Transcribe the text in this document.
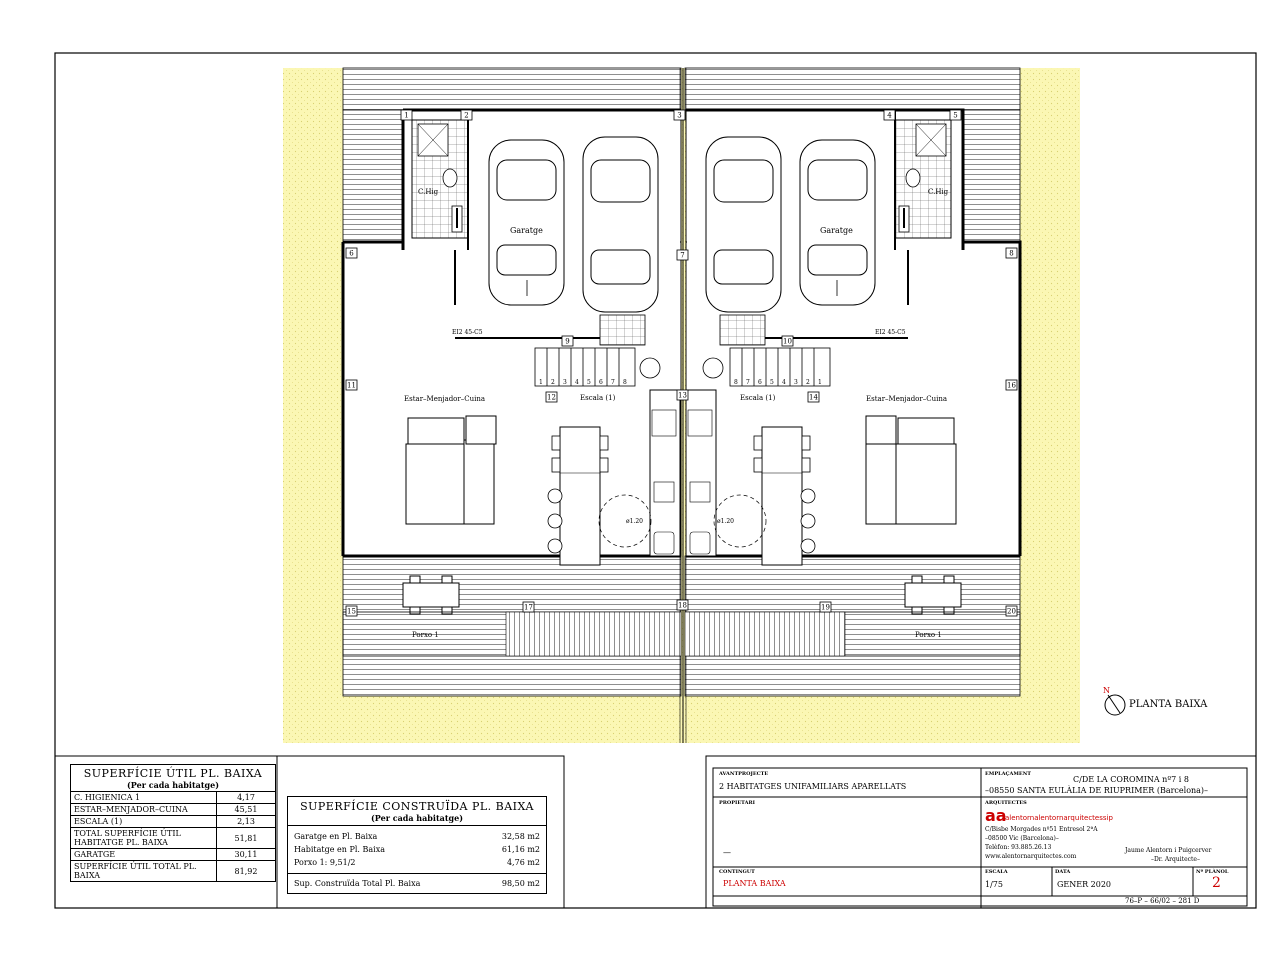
C.Hig	C.Hig
Garatge	Garatge
EI2 45-C5	EI2 45-C5
Escala (1)	Escala (1)
ø1.20	ø1.20
Estar–Menjador–Cuina	Estar–Menjador–Cuina
Porxo 1	Porxo 1
1	2	3	4	5
6	7	8
9	10
11
12	13	14
15
16
17	18	19	20
1	8
2	7
3	6
4	5
5	4
6	3
7	2
8	1
N
PLANTA BAIXA
SUPERFÍCIE ÚTIL PL. BAIXA
(Per cada habitatge)
C. HIGIENICA 1	4,17
ESTAR–MENJADOR–CUINA	45,51
ESCALA (1)	2,13
TOTAL SUPERFÍCIE ÚTIL HABITATGE PL. BAIXA	51,81
GARATGE	30,11
SUPERFÍCIE ÚTIL TOTAL PL. BAIXA	81,92
SUPERFÍCIE CONSTRUÏDA PL. BAIXA
(Per cada habitatge)
Garatge en Pl. Baixa	32,58 m2
Habitatge en Pl. Baixa	61,16 m2
Porxo 1: 9,51/2	4,76 m2
Sup. Construïda Total Pl. Baixa	98,50 m2
AVANTPROJECTE
2 HABITATGES UNIFAMILIARS APARELLATS
EMPLAÇAMENT
C/DE LA COROMINA nº7 i 8
–08550 SANTA EULÀLIA DE RIUPRIMER (Barcelona)–
PROPIETARI
—
ARQUITECTES
aa
alentornalentornarquitectessip
C/Bisbe Morgades nº51 Entresol 2ªA
–08500 Vic (Barcelona)–
Telèfon: 93.885.26.13
www.alentornarquitectes.com
Jaume Alentorn i Puigcerver
–Dr. Arquitecte–
CONTINGUT
PLANTA BAIXA
ESCALA
1/75
DATA
GENER 2020
Nº PLÀNOL
2
76–P – 66/02 – 281 D
